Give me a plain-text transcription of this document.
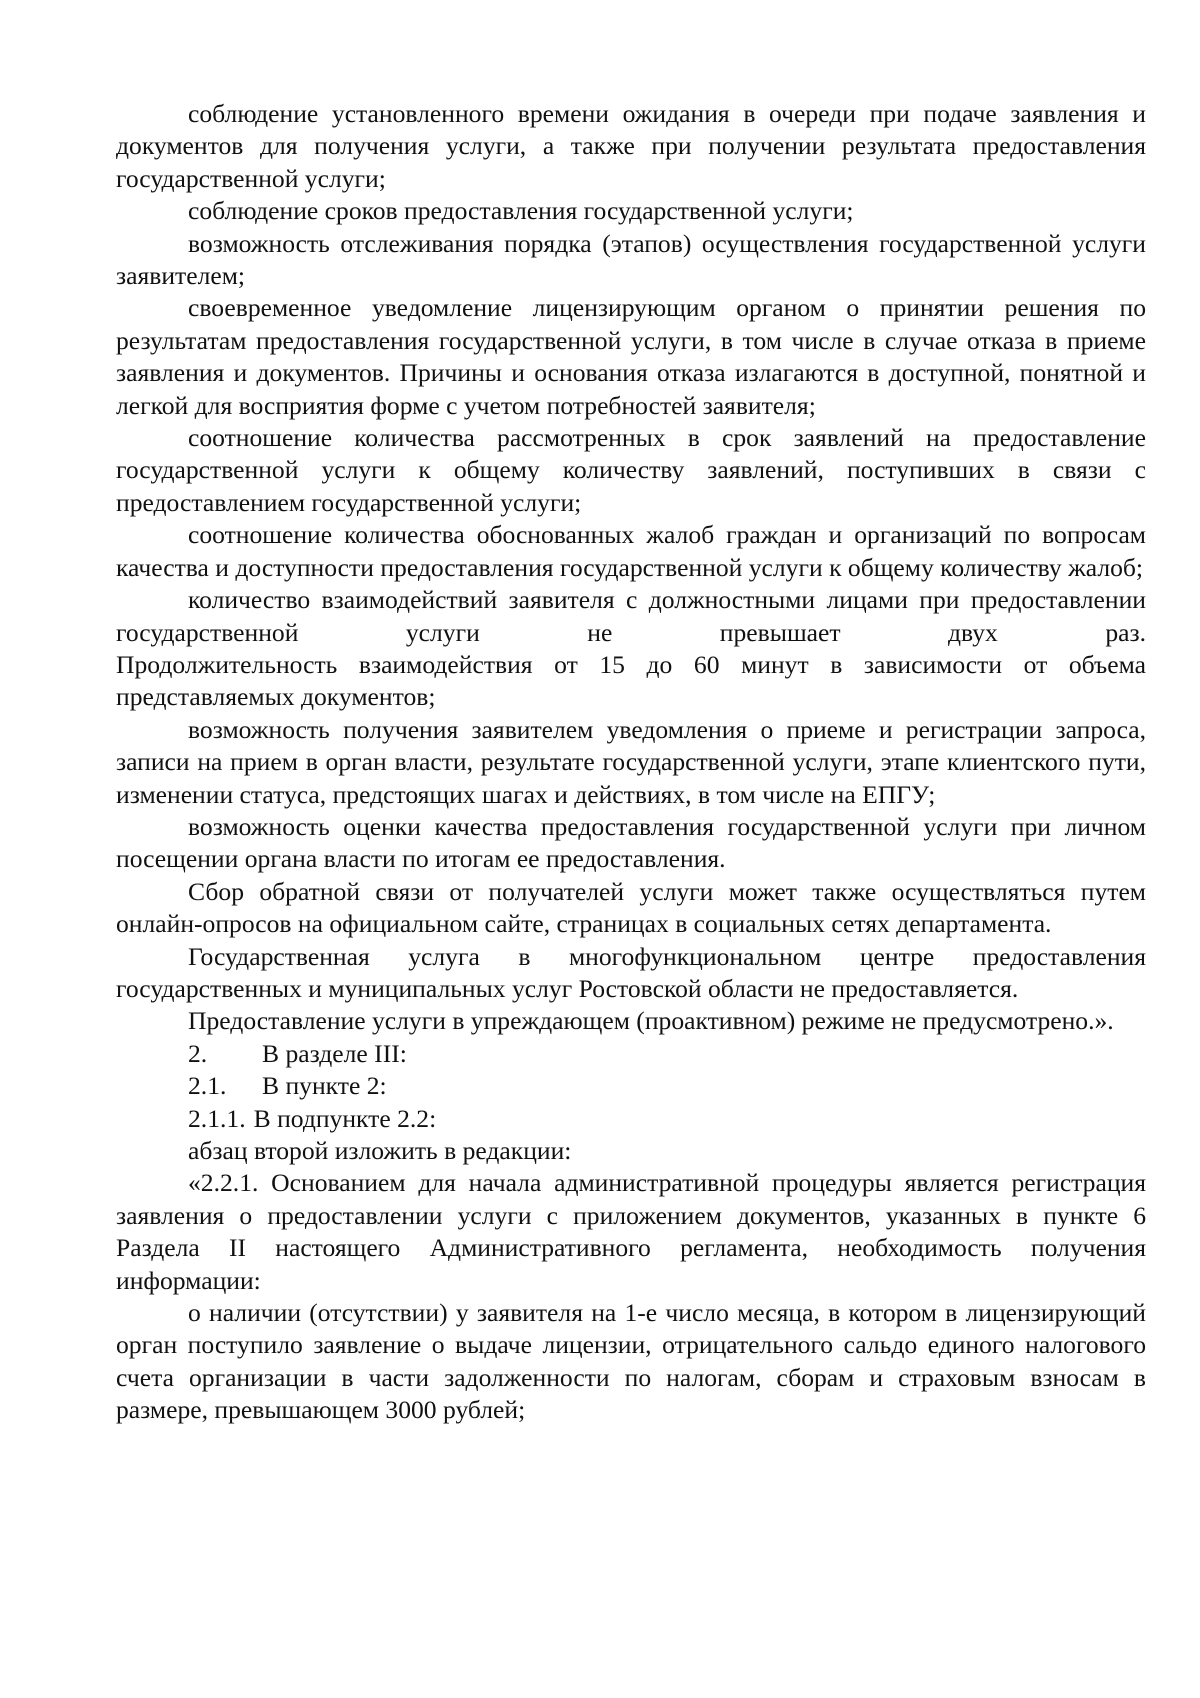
соблюдение установленного времени ожидания в очереди при подаче заявления и документов для получения услуги, а также при получении результата предоставления государственной услуги;

соблюдение сроков предоставления государственной услуги;

возможность отслеживания порядка (этапов) осуществления государственной услуги заявителем;

своевременное уведомление лицензирующим органом о принятии решения по результатам предоставления государственной услуги, в том числе в случае отказа в приеме заявления и документов. Причины и основания отказа излагаются в доступной, понятной и легкой для восприятия форме с учетом потребностей заявителя;

соотношение количества рассмотренных в срок заявлений на предоставление государственной услуги к общему количеству заявлений, поступивших в связи с предоставлением государственной услуги;

соотношение количества обоснованных жалоб граждан и организаций по вопросам качества и доступности предоставления государственной услуги к общему количеству жалоб;

количество взаимодействий заявителя с должностными лицами при предоставлении государственной услуги не превышает двух раз.

Продолжительность взаимодействия от 15 до 60 минут в зависимости от объема представляемых документов;

возможность получения заявителем уведомления о приеме и регистрации запроса, записи на прием в орган власти, результате государственной услуги, этапе клиентского пути, изменении статуса, предстоящих шагах и действиях, в том числе на ЕПГУ;

возможность оценки качества предоставления государственной услуги при личном посещении органа власти по итогам ее предоставления.

Сбор обратной связи от получателей услуги может также осуществляться путем онлайн-опросов на официальном сайте, страницах в социальных сетях департамента.

Государственная услуга в многофункциональном центре предоставления государственных и муниципальных услуг Ростовской области не предоставляется.

Предоставление услуги в упреждающем (проактивном) режиме не предусмотрено.».

2.	В разделе III:
2.1.	В пункте 2:
2.1.1. В подпункте 2.2:

абзац второй изложить в редакции:

«2.2.1. Основанием для начала административной процедуры является регистрация заявления о предоставлении услуги с приложением документов, указанных в пункте 6 Раздела II настоящего Административного регламента, необходимость получения информации:

о наличии (отсутствии) у заявителя на 1-е число месяца, в котором в лицензирующий орган поступило заявление о выдаче лицензии, отрицательного сальдо единого налогового счета организации в части задолженности по налогам, сборам и страховым взносам в размере, превышающем 3000 рублей;
